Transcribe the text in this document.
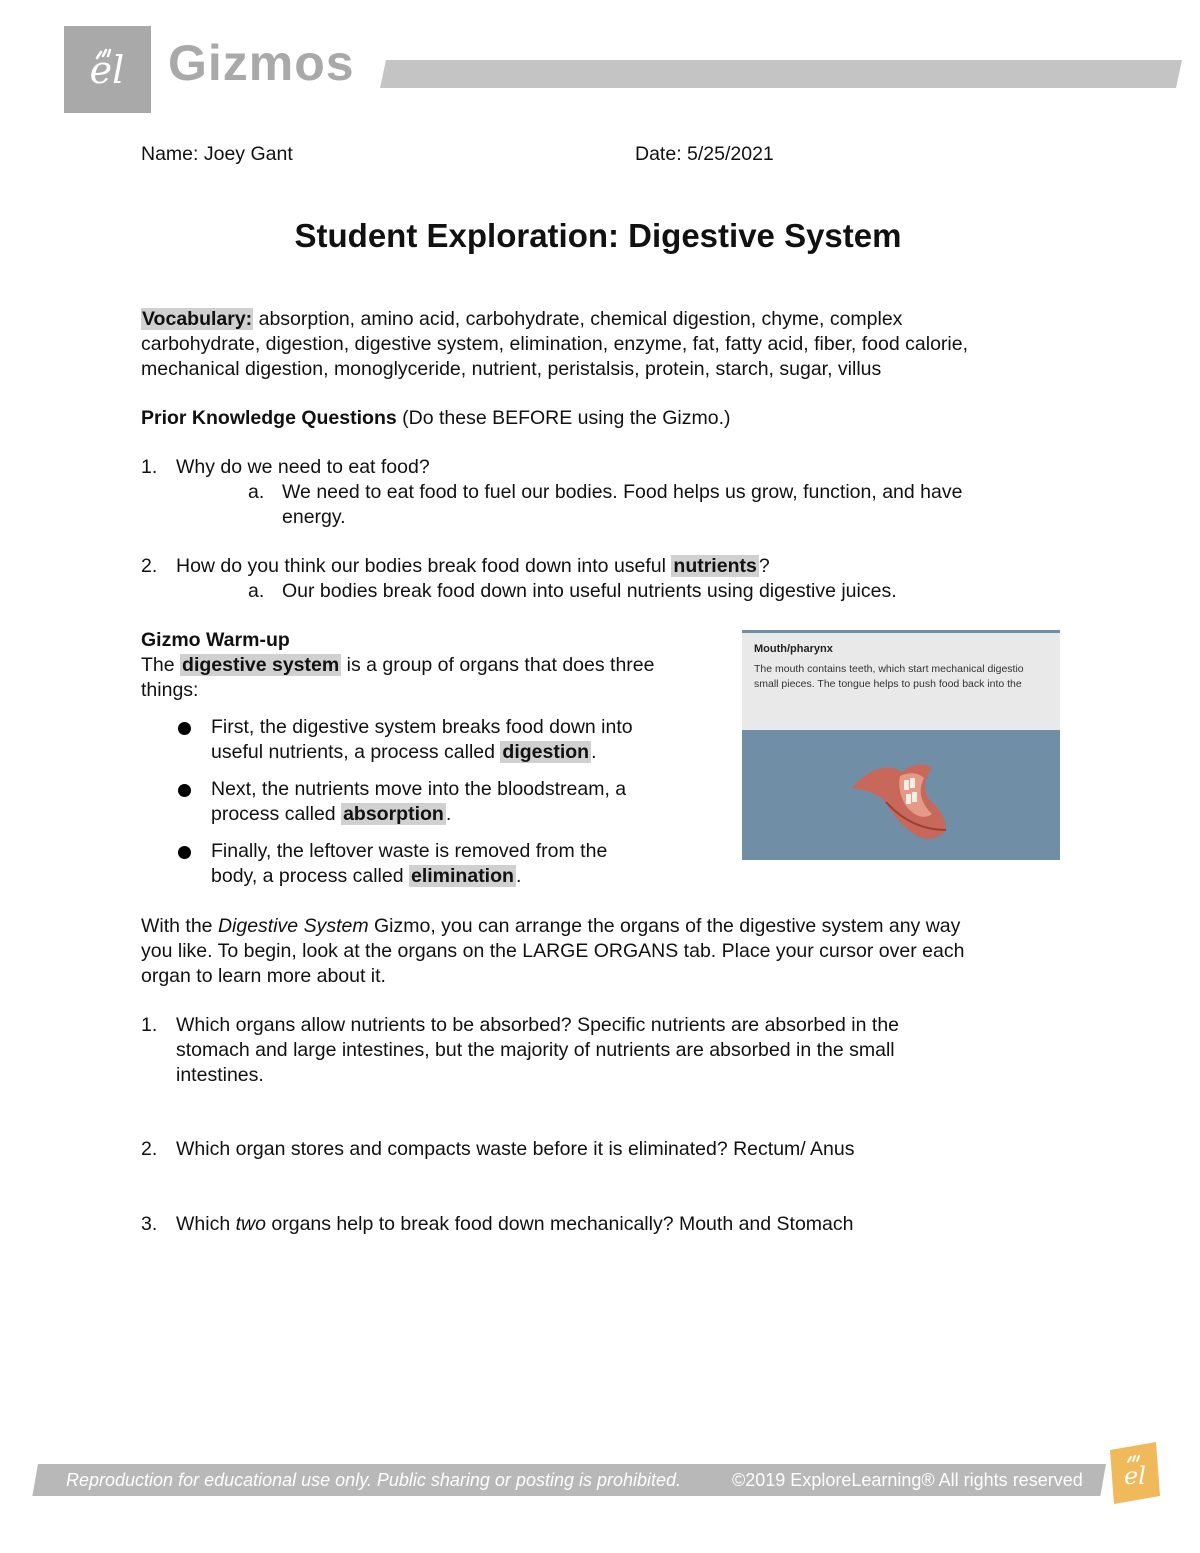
el Gizmos
Name: Joey Gant	Date: 5/25/2021
Student Exploration: Digestive System
Vocabulary: absorption, amino acid, carbohydrate, chemical digestion, chyme, complex
carbohydrate, digestion, digestive system, elimination, enzyme, fat, fatty acid, fiber, food calorie,
mechanical digestion, monoglyceride, nutrient, peristalsis, protein, starch, sugar, villus
Prior Knowledge Questions (Do these BEFORE using the Gizmo.)
1. Why do we need to eat food?
a. We need to eat food to fuel our bodies. Food helps us grow, function, and have
energy.
2. How do you think our bodies break food down into useful nutrients ?
a. Our bodies break food down into useful nutrients using digestive juices.
Gizmo Warm-up
The digestive system is a group of organs that does three
things:
First, the digestive system breaks food down into
useful nutrients, a process called digestion .
Next, the nutrients move into the bloodstream, a
process called absorption .
Finally, the leftover waste is removed from the
body, a process called elimination .
Mouth/pharynx
The mouth contains teeth, which start mechanical digestio
small pieces. The tongue helps to push food back into the
With the Digestive System Gizmo, you can arrange the organs of the digestive system any way
you like. To begin, look at the organs on the LARGE ORGANS tab. Place your cursor over each
organ to learn more about it.
1. Which organs allow nutrients to be absorbed? Specific nutrients are absorbed in the
stomach and large intestines, but the majority of nutrients are absorbed in the small
intestines.
2. Which organ stores and compacts waste before it is eliminated? Rectum/ Anus
3. Which two organs help to break food down mechanically? Mouth and Stomach
Reproduction for educational use only. Public sharing or posting is prohibited.	©2019 ExploreLearning® All rights reserved el
